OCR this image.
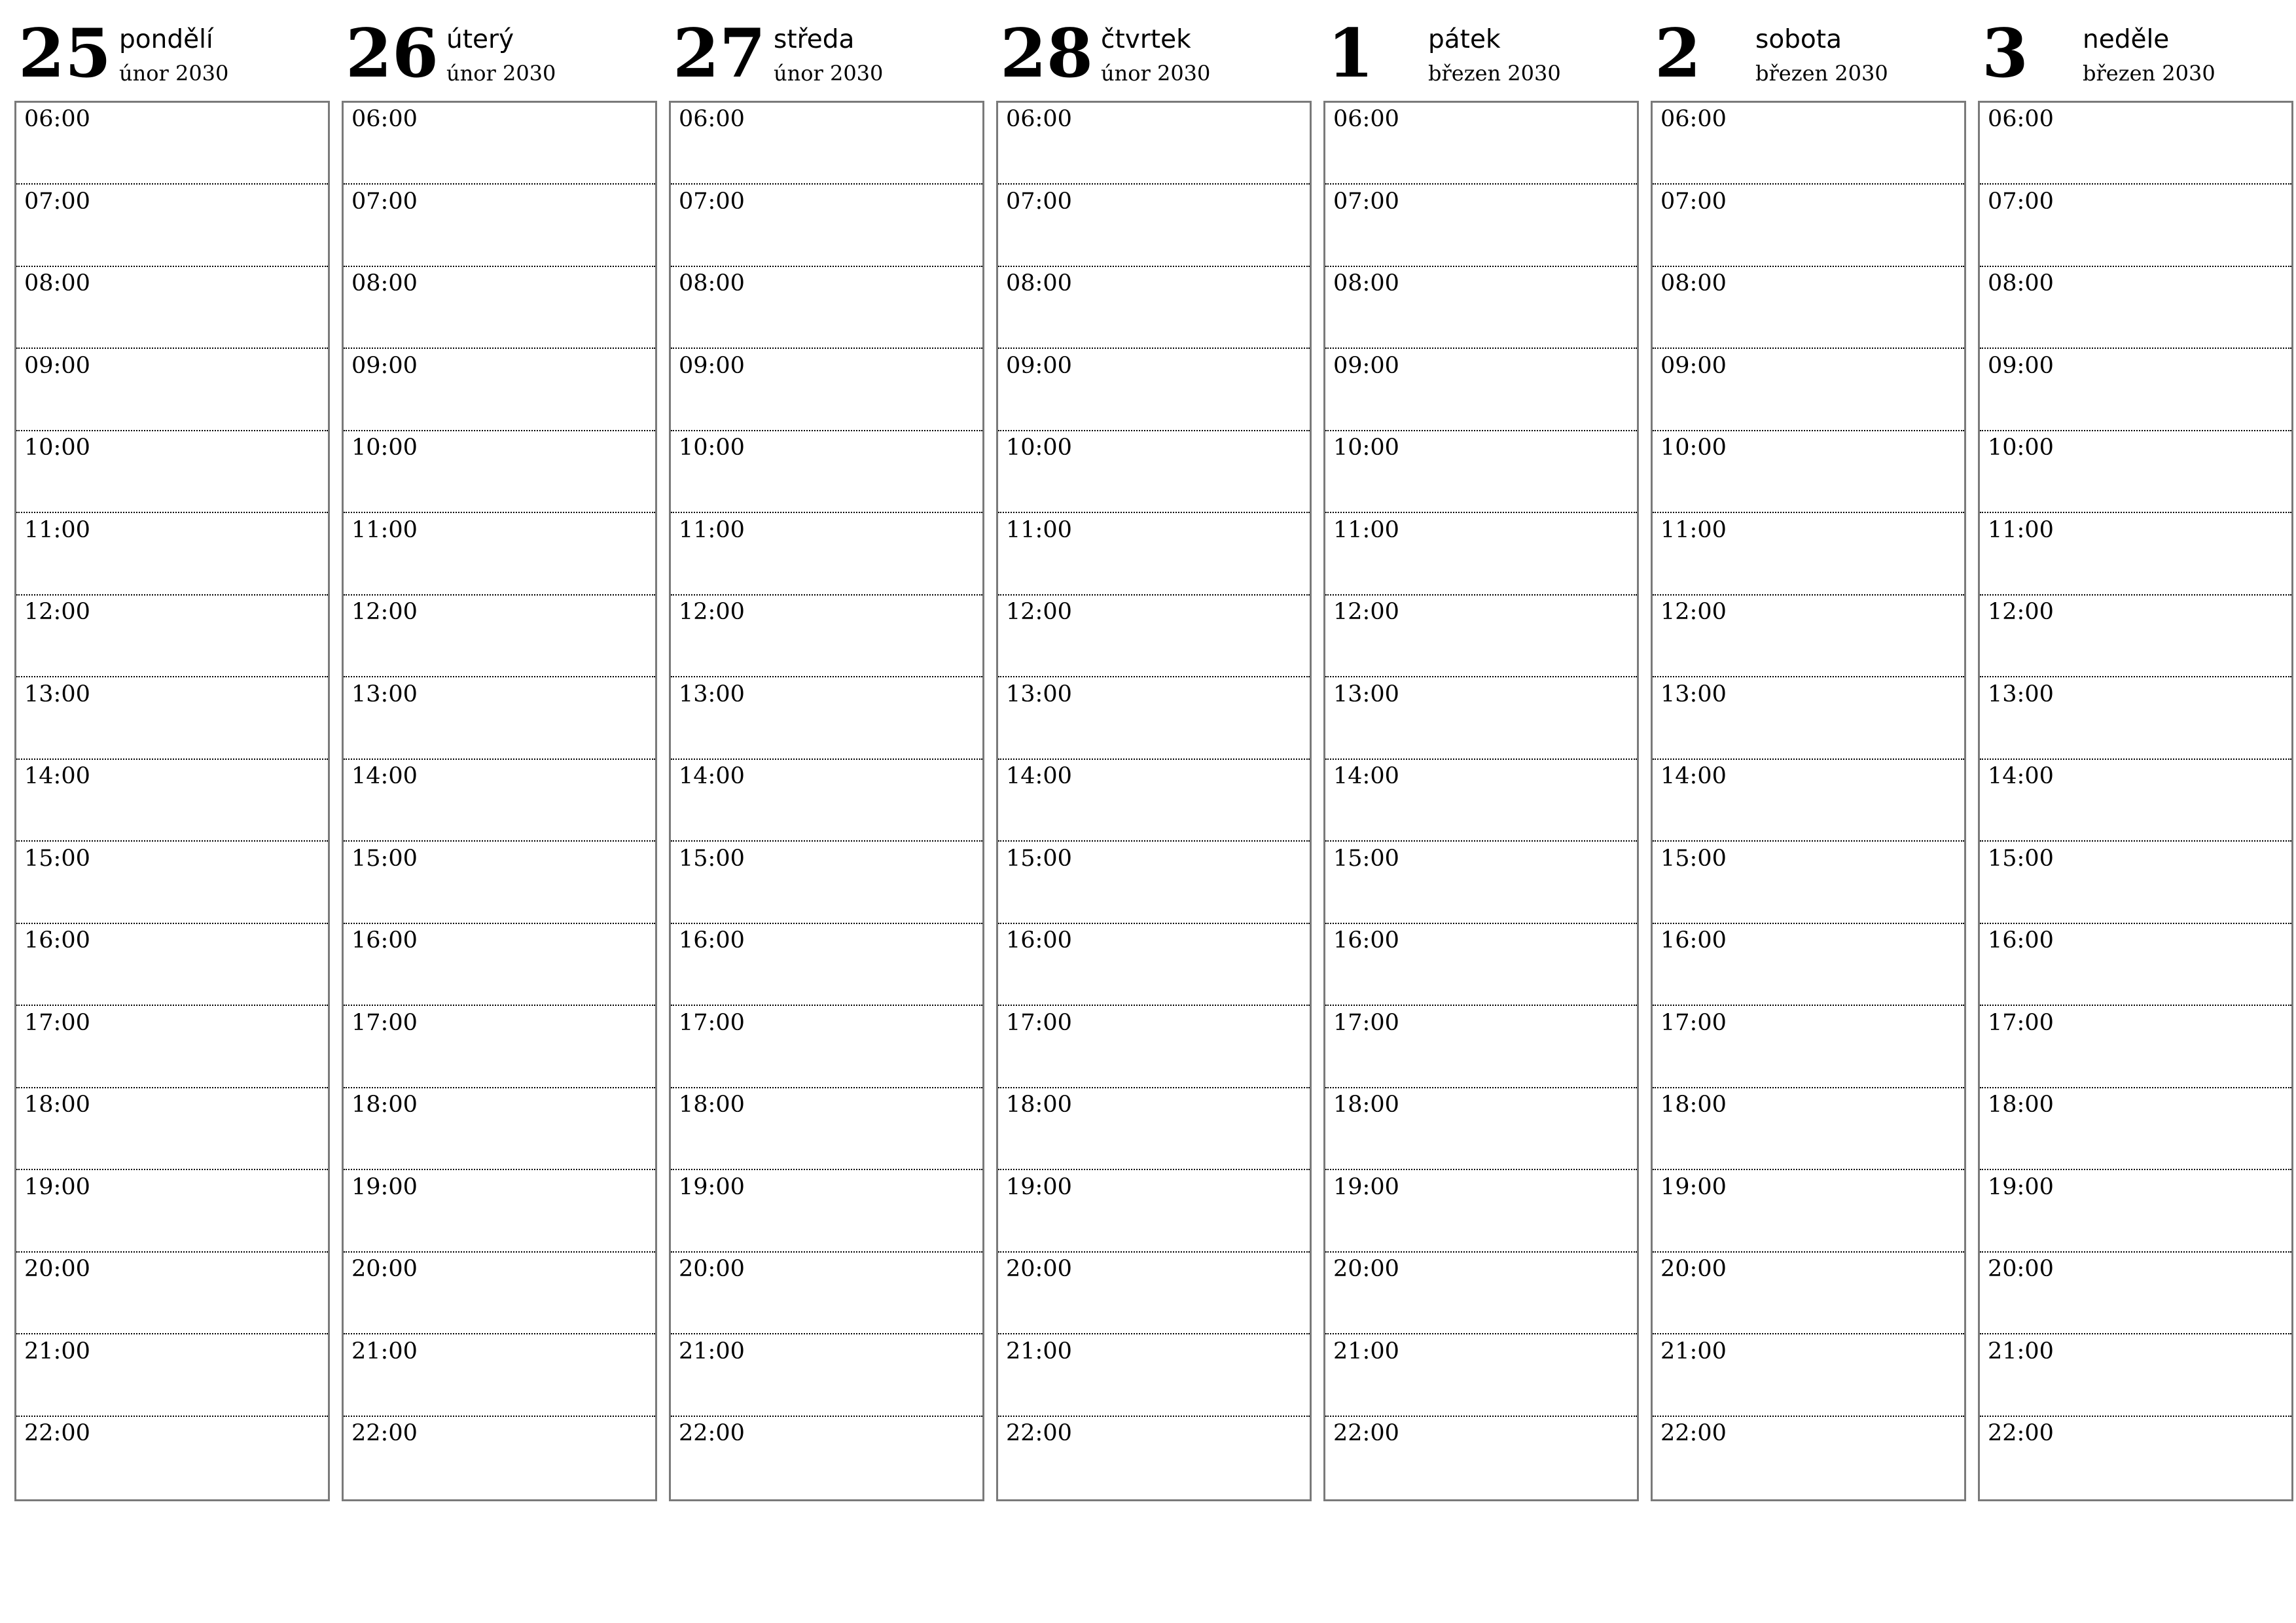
25 pondělí
únor 2030
06:00
07:00
08:00
09:00
10:00
11:00
12:00
13:00
14:00
15:00
16:00
17:00
18:00
19:00
20:00
21:00
22:00
26 úterý
únor 2030
06:00
07:00
08:00
09:00
10:00
11:00
12:00
13:00
14:00
15:00
16:00
17:00
18:00
19:00
20:00
21:00
22:00
27 středa
únor 2030
06:00
07:00
08:00
09:00
10:00
11:00
12:00
13:00
14:00
15:00
16:00
17:00
18:00
19:00
20:00
21:00
22:00
28 čtvrtek
únor 2030
06:00
07:00
08:00
09:00
10:00
11:00
12:00
13:00
14:00
15:00
16:00
17:00
18:00
19:00
20:00
21:00
22:00
1 pátek
březen 2030
06:00
07:00
08:00
09:00
10:00
11:00
12:00
13:00
14:00
15:00
16:00
17:00
18:00
19:00
20:00
21:00
22:00
2 sobota
březen 2030
06:00
07:00
08:00
09:00
10:00
11:00
12:00
13:00
14:00
15:00
16:00
17:00
18:00
19:00
20:00
21:00
22:00
3 neděle
březen 2030
06:00
07:00
08:00
09:00
10:00
11:00
12:00
13:00
14:00
15:00
16:00
17:00
18:00
19:00
20:00
21:00
22:00
